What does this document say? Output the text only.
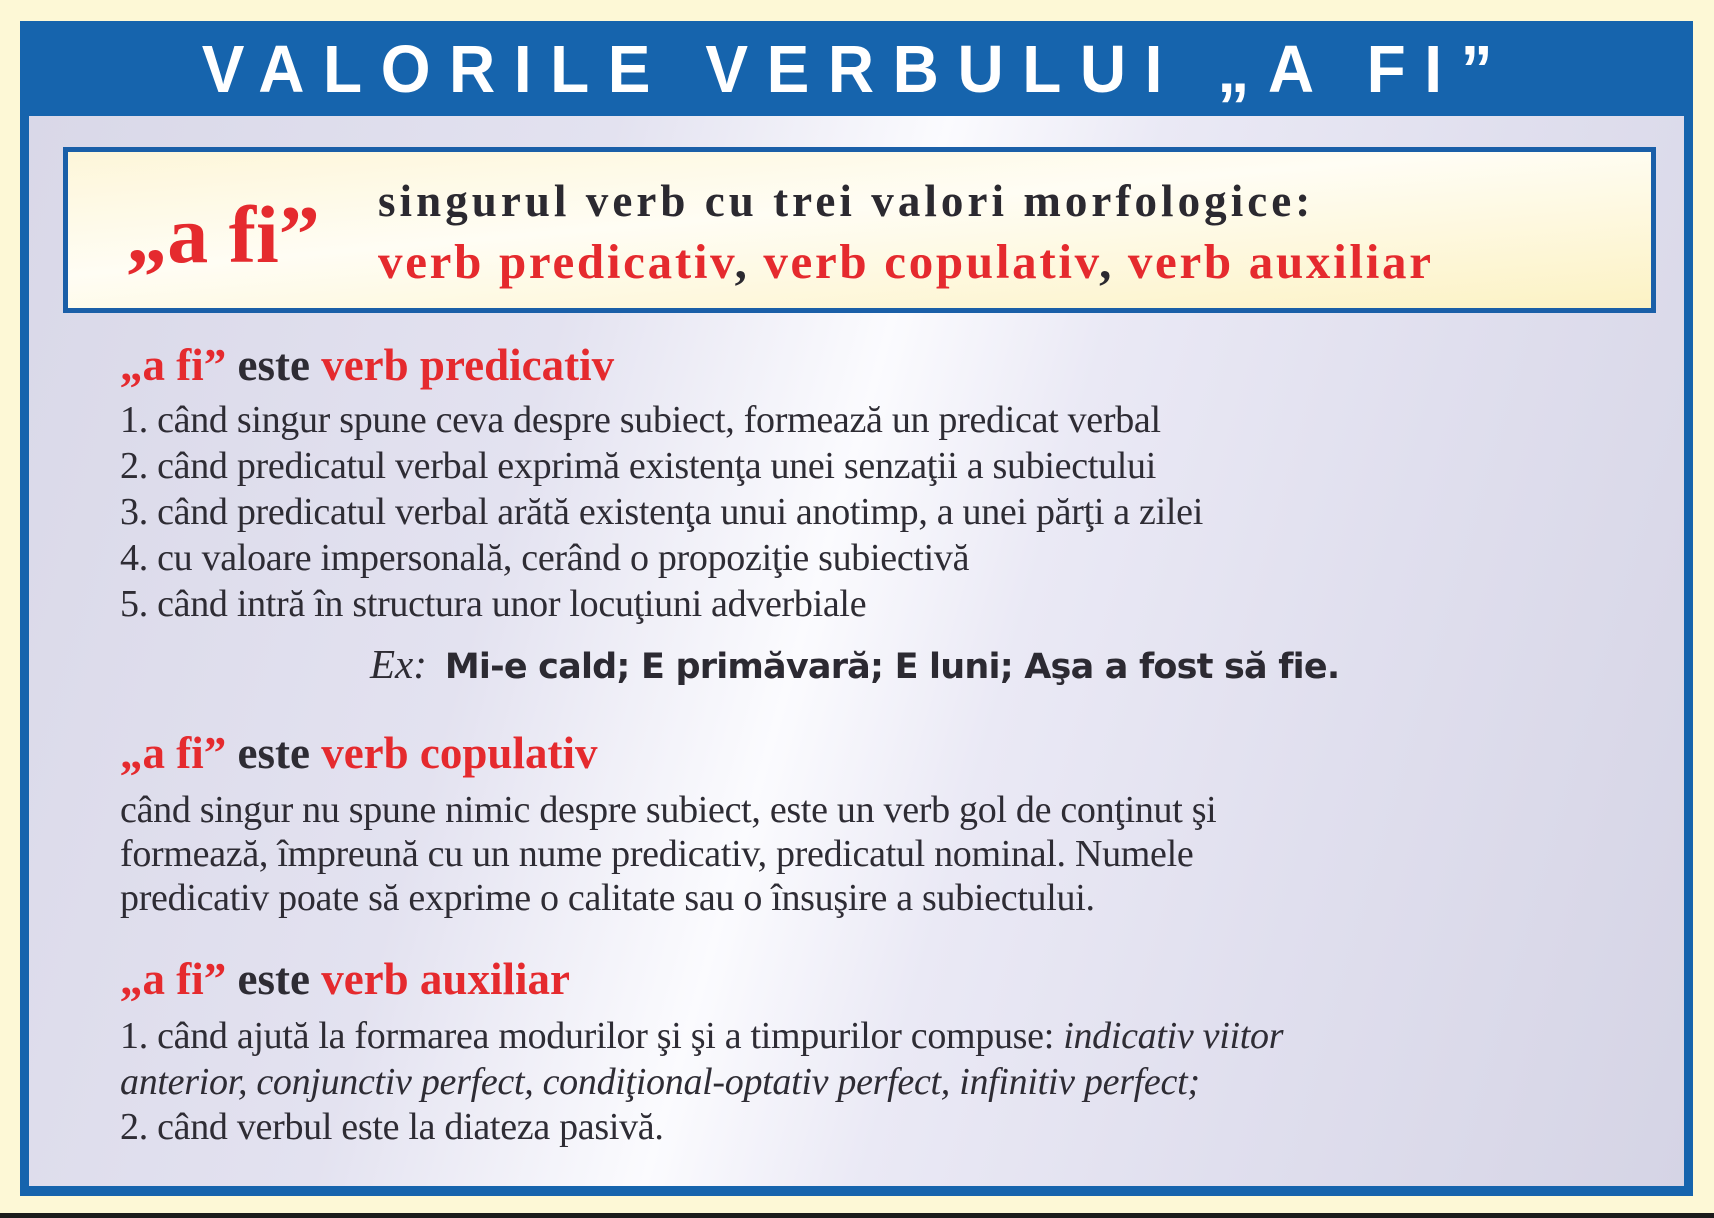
VALORILE VERBULUI „A FI”
„a fi”	singurul verb cu trei valori morfologice:
verb predicativ, verb copulativ, verb auxiliar
„a fi” este verb predicativ
1. când singur spune ceva despre subiect, formează un predicat verbal
2. când predicatul verbal exprimă existenţa unei senzaţii a subiectului
3. când predicatul verbal arătă existenţa unui anotimp, a unei părţi a zilei
4. cu valoare impersonală, cerând o propoziţie subiectivă
5. când intră în structura unor locuţiuni adverbiale
Ex: Mi-e cald; E primăvară; E luni; Aşa a fost să fie.
„a fi” este verb copulativ
când singur nu spune nimic despre subiect, este un verb gol de conţinut şi
formează, împreună cu un nume predicativ, predicatul nominal. Numele
predicativ poate să exprime o calitate sau o însuşire a subiectului.
„a fi” este verb auxiliar
1. când ajută la formarea modurilor şi şi a timpurilor compuse: indicativ viitor
anterior, conjunctiv perfect, condiţional-optativ perfect, infinitiv perfect;
2. când verbul este la diateza pasivă.
